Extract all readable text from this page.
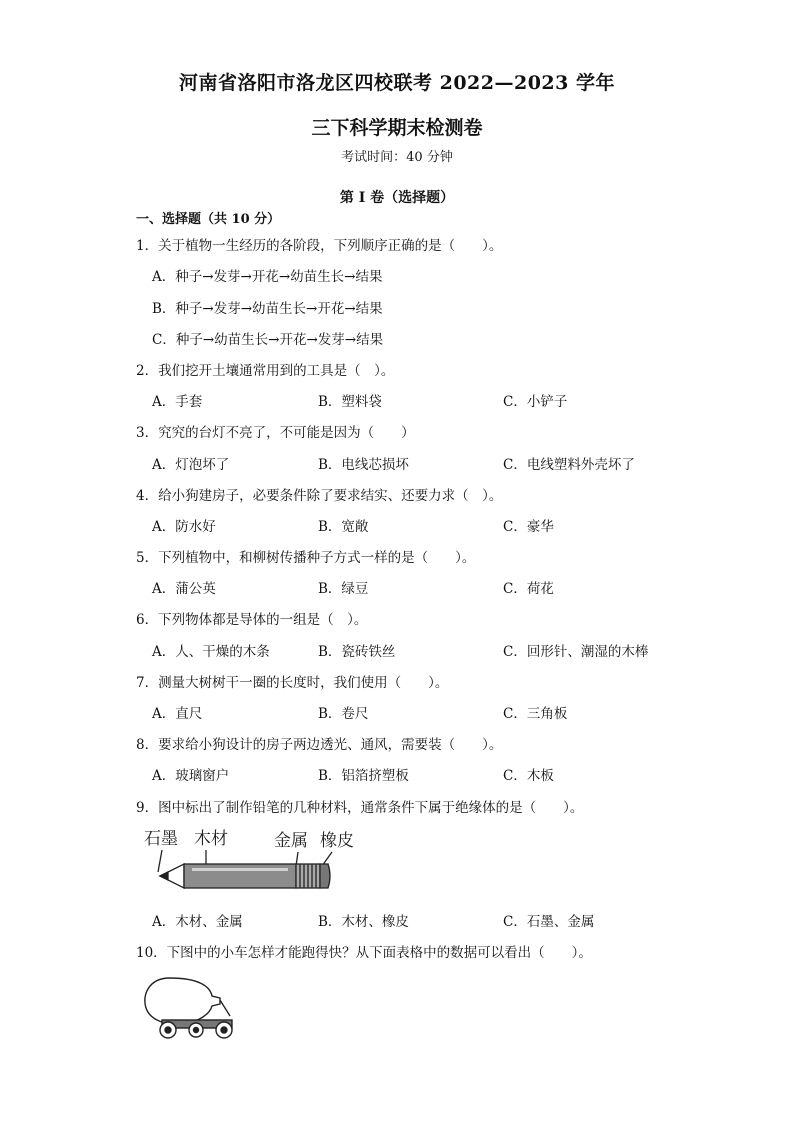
河南省洛阳市洛龙区四校联考 2022—2023 学年
三下科学期末检测卷
考试时间：40 分钟
第 I 卷（选择题）
一、选择题（共 10 分）
1．关于植物一生经历的各阶段，下列顺序正确的是（　　）。
A．种子→发芽→开花→幼苗生长→结果
B．种子→发芽→幼苗生长→开花→结果
C．种子→幼苗生长→开花→发芽→结果
2．我们挖开土壤通常用到的工具是（　）。
A．手套	B．塑料袋	C．小铲子
3．究究的台灯不亮了，不可能是因为（　　）
A．灯泡坏了	B．电线芯损坏	C．电线塑料外壳坏了
4．给小狗建房子，必要条件除了要求结实、还要力求（　）。
A．防水好	B．宽敞	C．豪华
5．下列植物中，和柳树传播种子方式一样的是（　　）。
A．蒲公英	B．绿豆	C．荷花
6．下列物体都是导体的一组是（　）。
A．人、干燥的木条	B．瓷砖铁丝	C．回形针、潮湿的木棒
7．测量大树树干一圈的长度时，我们使用（　　）。
A．直尺	B．卷尺	C．三角板
8．要求给小狗设计的房子两边透光、通风，需要装（　　）。
A．玻璃窗户	B．铝箔挤塑板	C．木板
9．图中标出了制作铅笔的几种材料，通常条件下属于绝缘体的是（　　）。
石墨 木材	金属 橡皮
A．木材、金属	B．木材、橡皮	C．石墨、金属
10．下图中的小车怎样才能跑得快？从下面表格中的数据可以看出（　　）。
